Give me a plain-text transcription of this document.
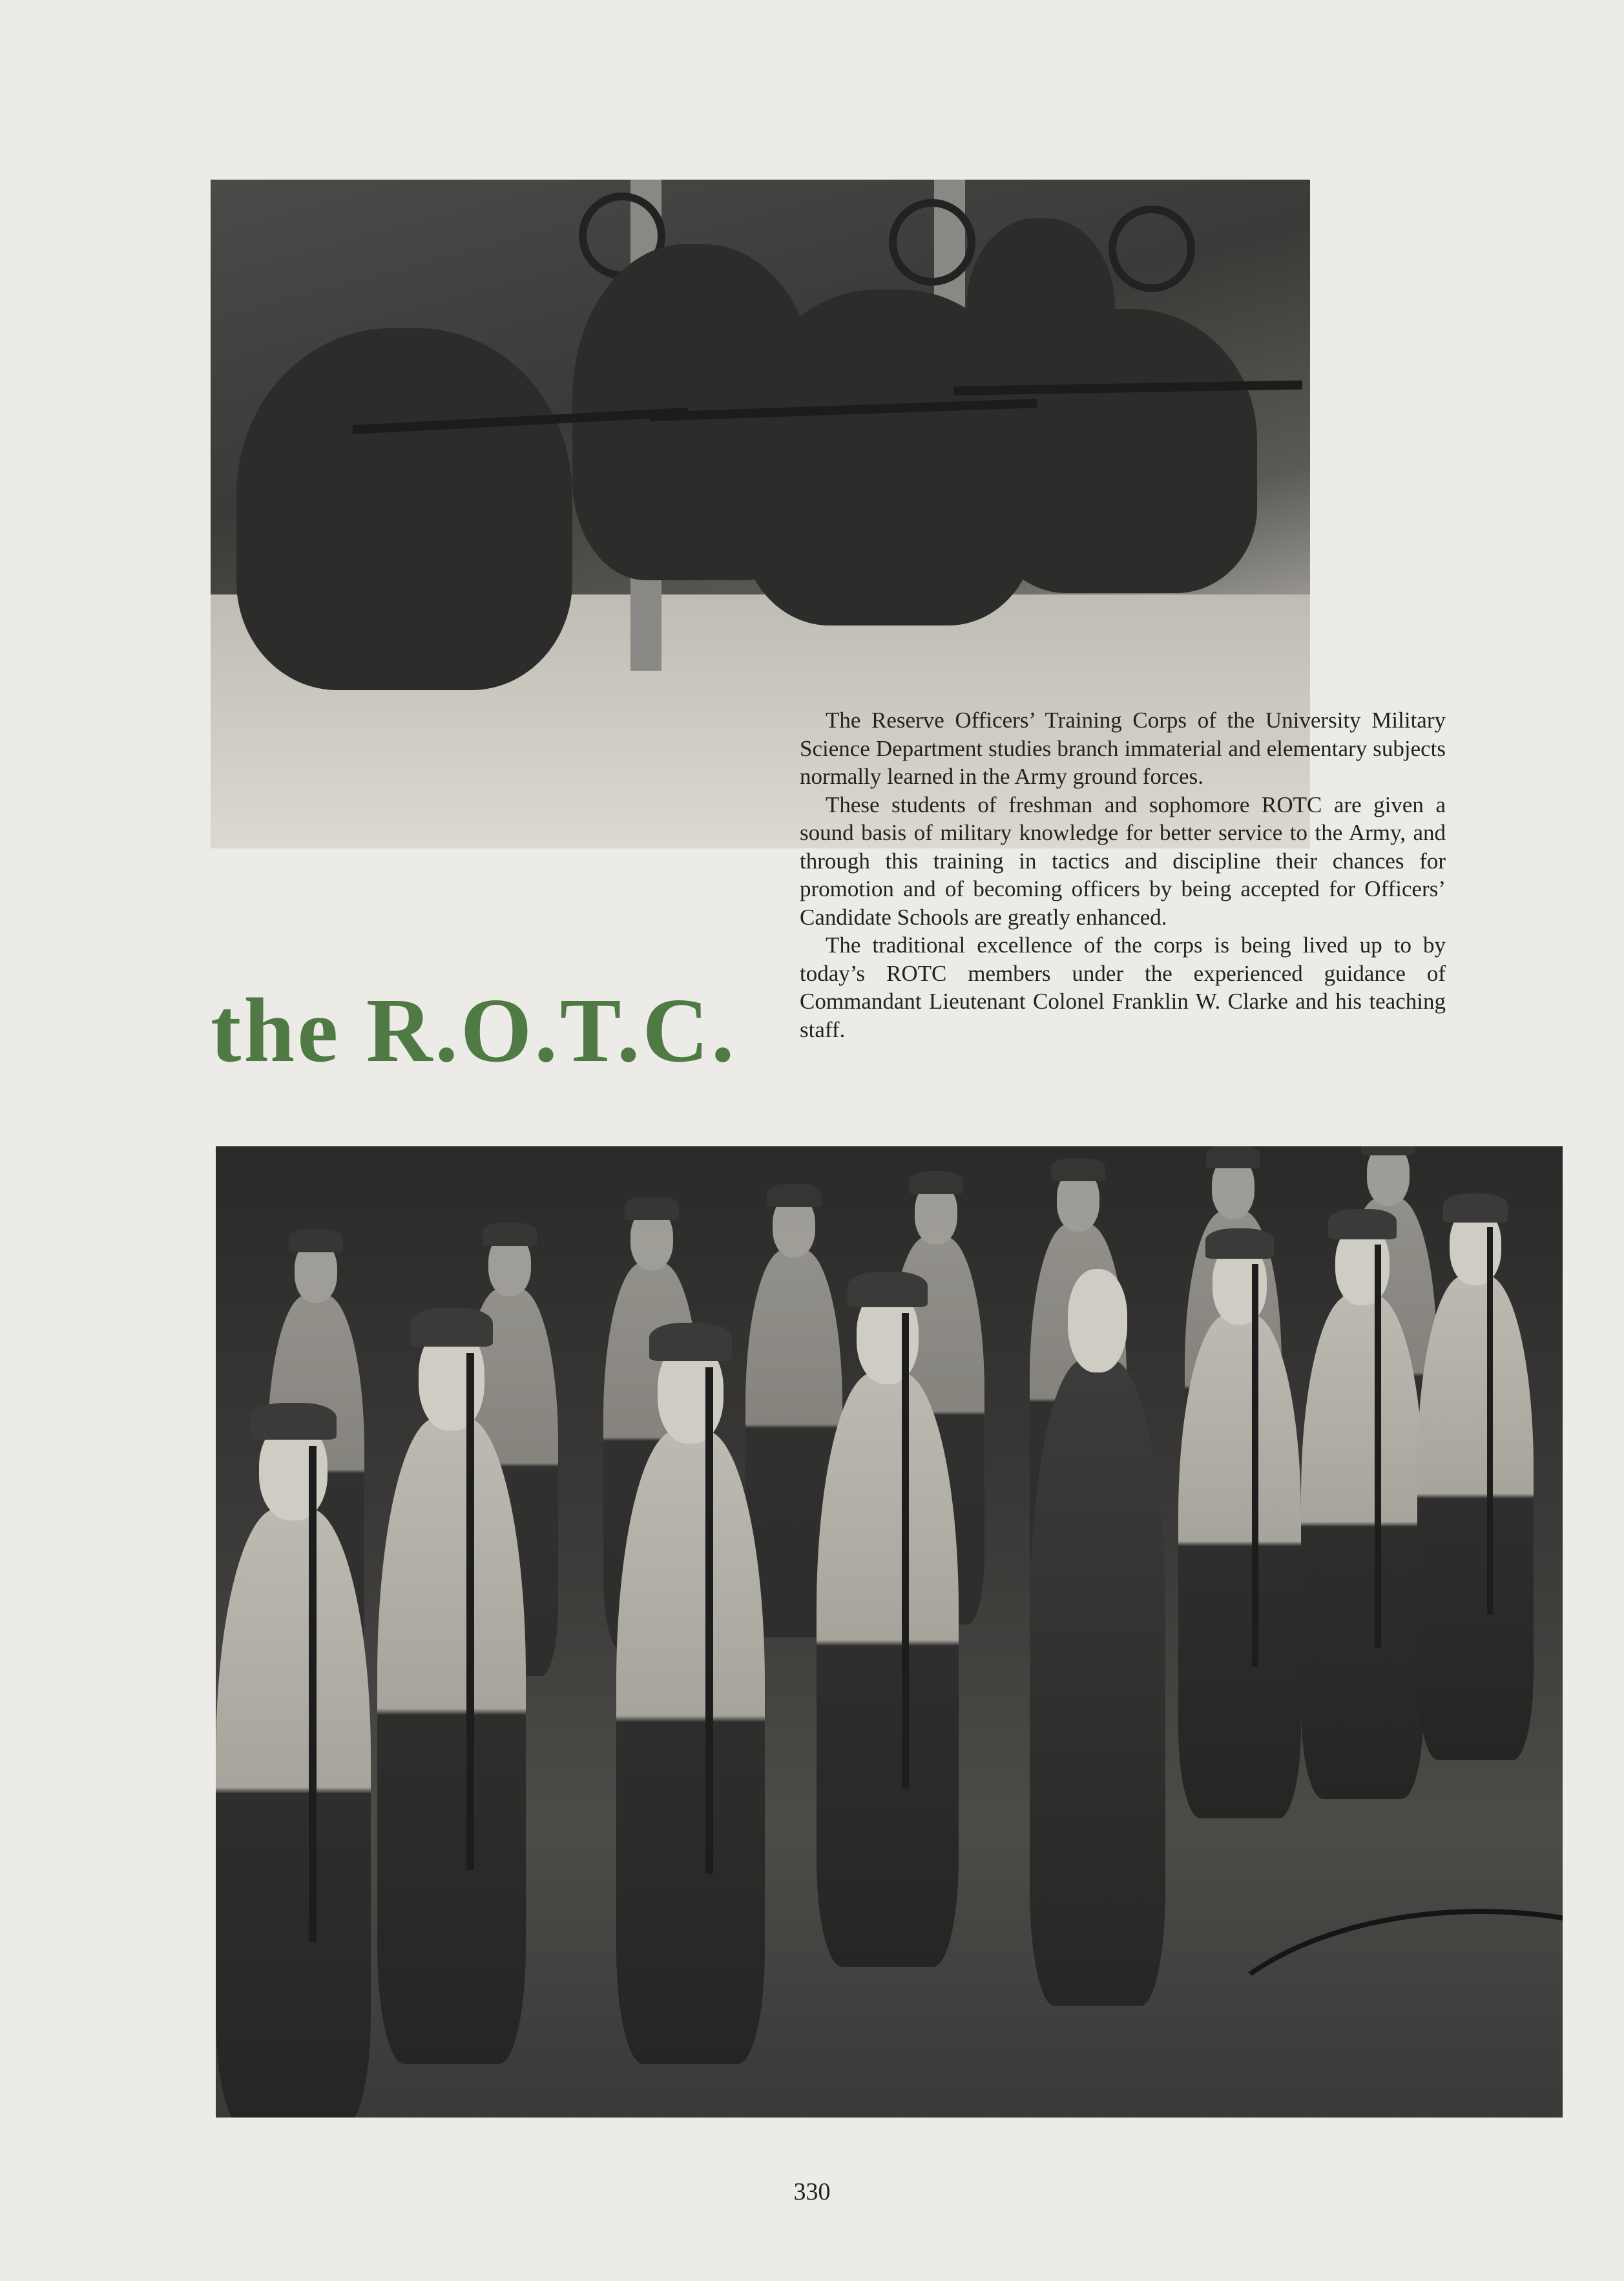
the R.O.T.C.

The Reserve Officers’ Training Corps of the University Military Science Department studies branch immaterial and elementary subjects normally learned in the Army ground forces.

These students of freshman and sophomore ROTC are given a sound basis of military knowledge for better service to the Army, and through this training in tactics and discipline their chances for promotion and of becoming officers by being accepted for Officers’ Candidate Schools are greatly enhanced.

The traditional excellence of the corps is being lived up to by today’s ROTC members under the experienced guidance of Commandant Lieutenant Colonel Franklin W. Clarke and his teaching staff.

330
